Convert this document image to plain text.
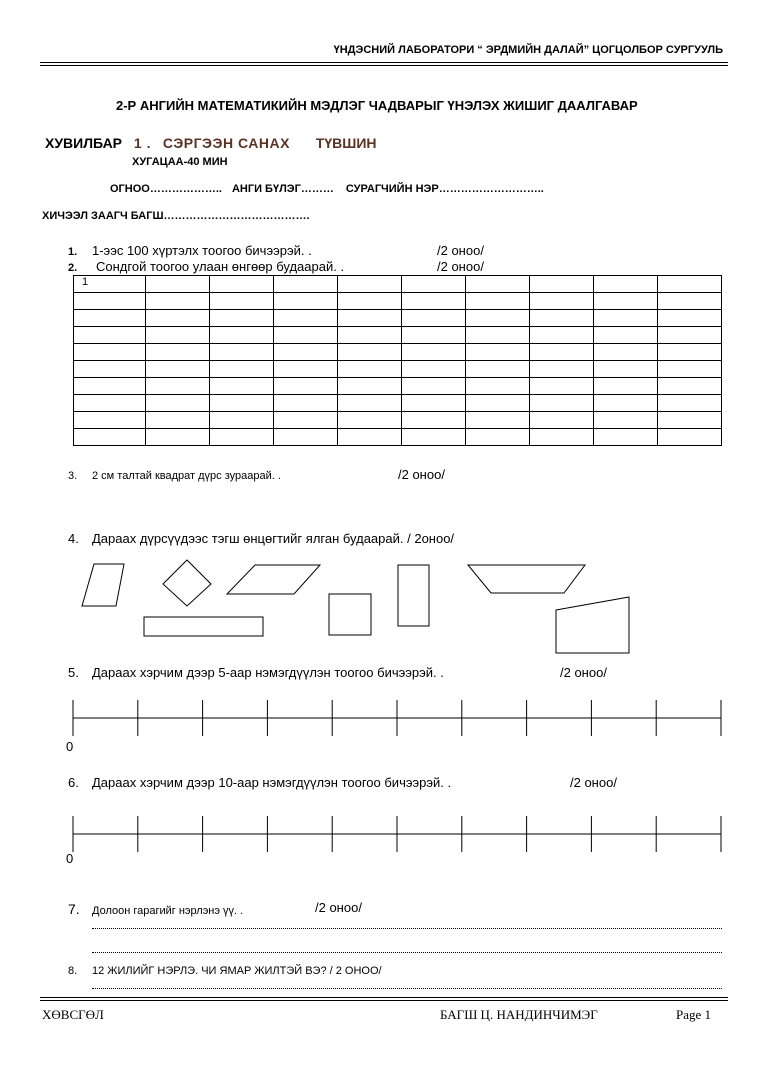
ҮНДЭСНИЙ ЛАБОРАТОРИ “ ЭРДМИЙН ДАЛАЙ” ЦОГЦОЛБОР СУРГУУЛЬ
2-Р АНГИЙН МАТЕМАТИКИЙН МЭДЛЭГ ЧАДВАРЫГ ҮНЭЛЭХ ЖИШИГ ДААЛГАВАР
ХУВИЛБАР 1 . СЭРГЭЭН САНАХ ТҮВШИН
ХУГАЦАА-40 МИН
ОГНОО……………….. АНГИ БҮЛЭГ……… СУРАГЧИЙН НЭР………………………..
ХИЧЭЭЛ ЗААГЧ БАГШ………………………………….
1. 1-ээс 100 хүртэлх тоогоо бичээрэй. .	/2 оноо/
2. Сондгой тоогоо улаан өнгөөр будаарай. .	/2 оноо/
1									

3. 2 см талтай квадрат дүрс зураарай. .	/2 оноо/
4. Дараах дүрсүүдээс тэгш өнцөгтийг ялган будаарай. / 2оноо/
5. Дараах хэрчим дээр 5-аар нэмэгдүүлэн тоогоо бичээрэй. .	/2 оноо/
0
6. Дараах хэрчим дээр 10-аар нэмэгдүүлэн тоогоо бичээрэй. .	/2 оноо/
0
7. Долоон гарагийг нэрлэнэ үү. .	/2 оноо/
8. 12 ЖИЛИЙГ НЭРЛЭ. ЧИ ЯМАР ЖИЛТЭЙ ВЭ? / 2 ОНОО/
ХӨВСГӨЛ	БАГШ Ц. НАНДИНЧИМЭГ	Page 1
